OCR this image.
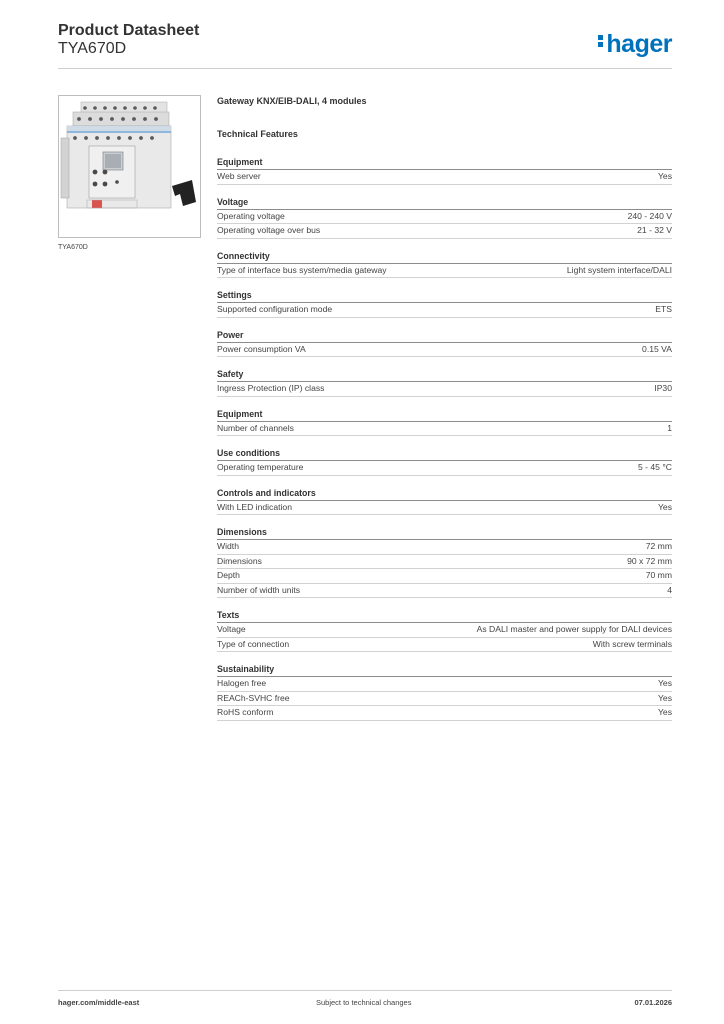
Product Datasheet
TYA670D	hager
TYA670D
Gateway KNX/EIB-DALI, 4 modules
Technical Features
Equipment
Web server	Yes
Voltage
Operating voltage	240 - 240 V
Operating voltage over bus	21 - 32 V
Connectivity
Type of interface bus system/media gateway	Light system interface/DALI
Settings
Supported configuration mode	ETS
Power
Power consumption VA	0.15 VA
Safety
Ingress Protection (IP) class	IP30
Equipment
Number of channels	1
Use conditions
Operating temperature	5 - 45 °C
Controls and indicators
With LED indication	Yes
Dimensions
Width	72 mm
Dimensions	90 x 72 mm
Depth	70 mm
Number of width units	4
Texts
Voltage	As DALI master and power supply for DALI devices
Type of connection	With screw terminals
Sustainability
Halogen free	Yes
REACh-SVHC free	Yes
RoHS conform	Yes
hager.com/middle-east	Subject to technical changes	07.01.2026
